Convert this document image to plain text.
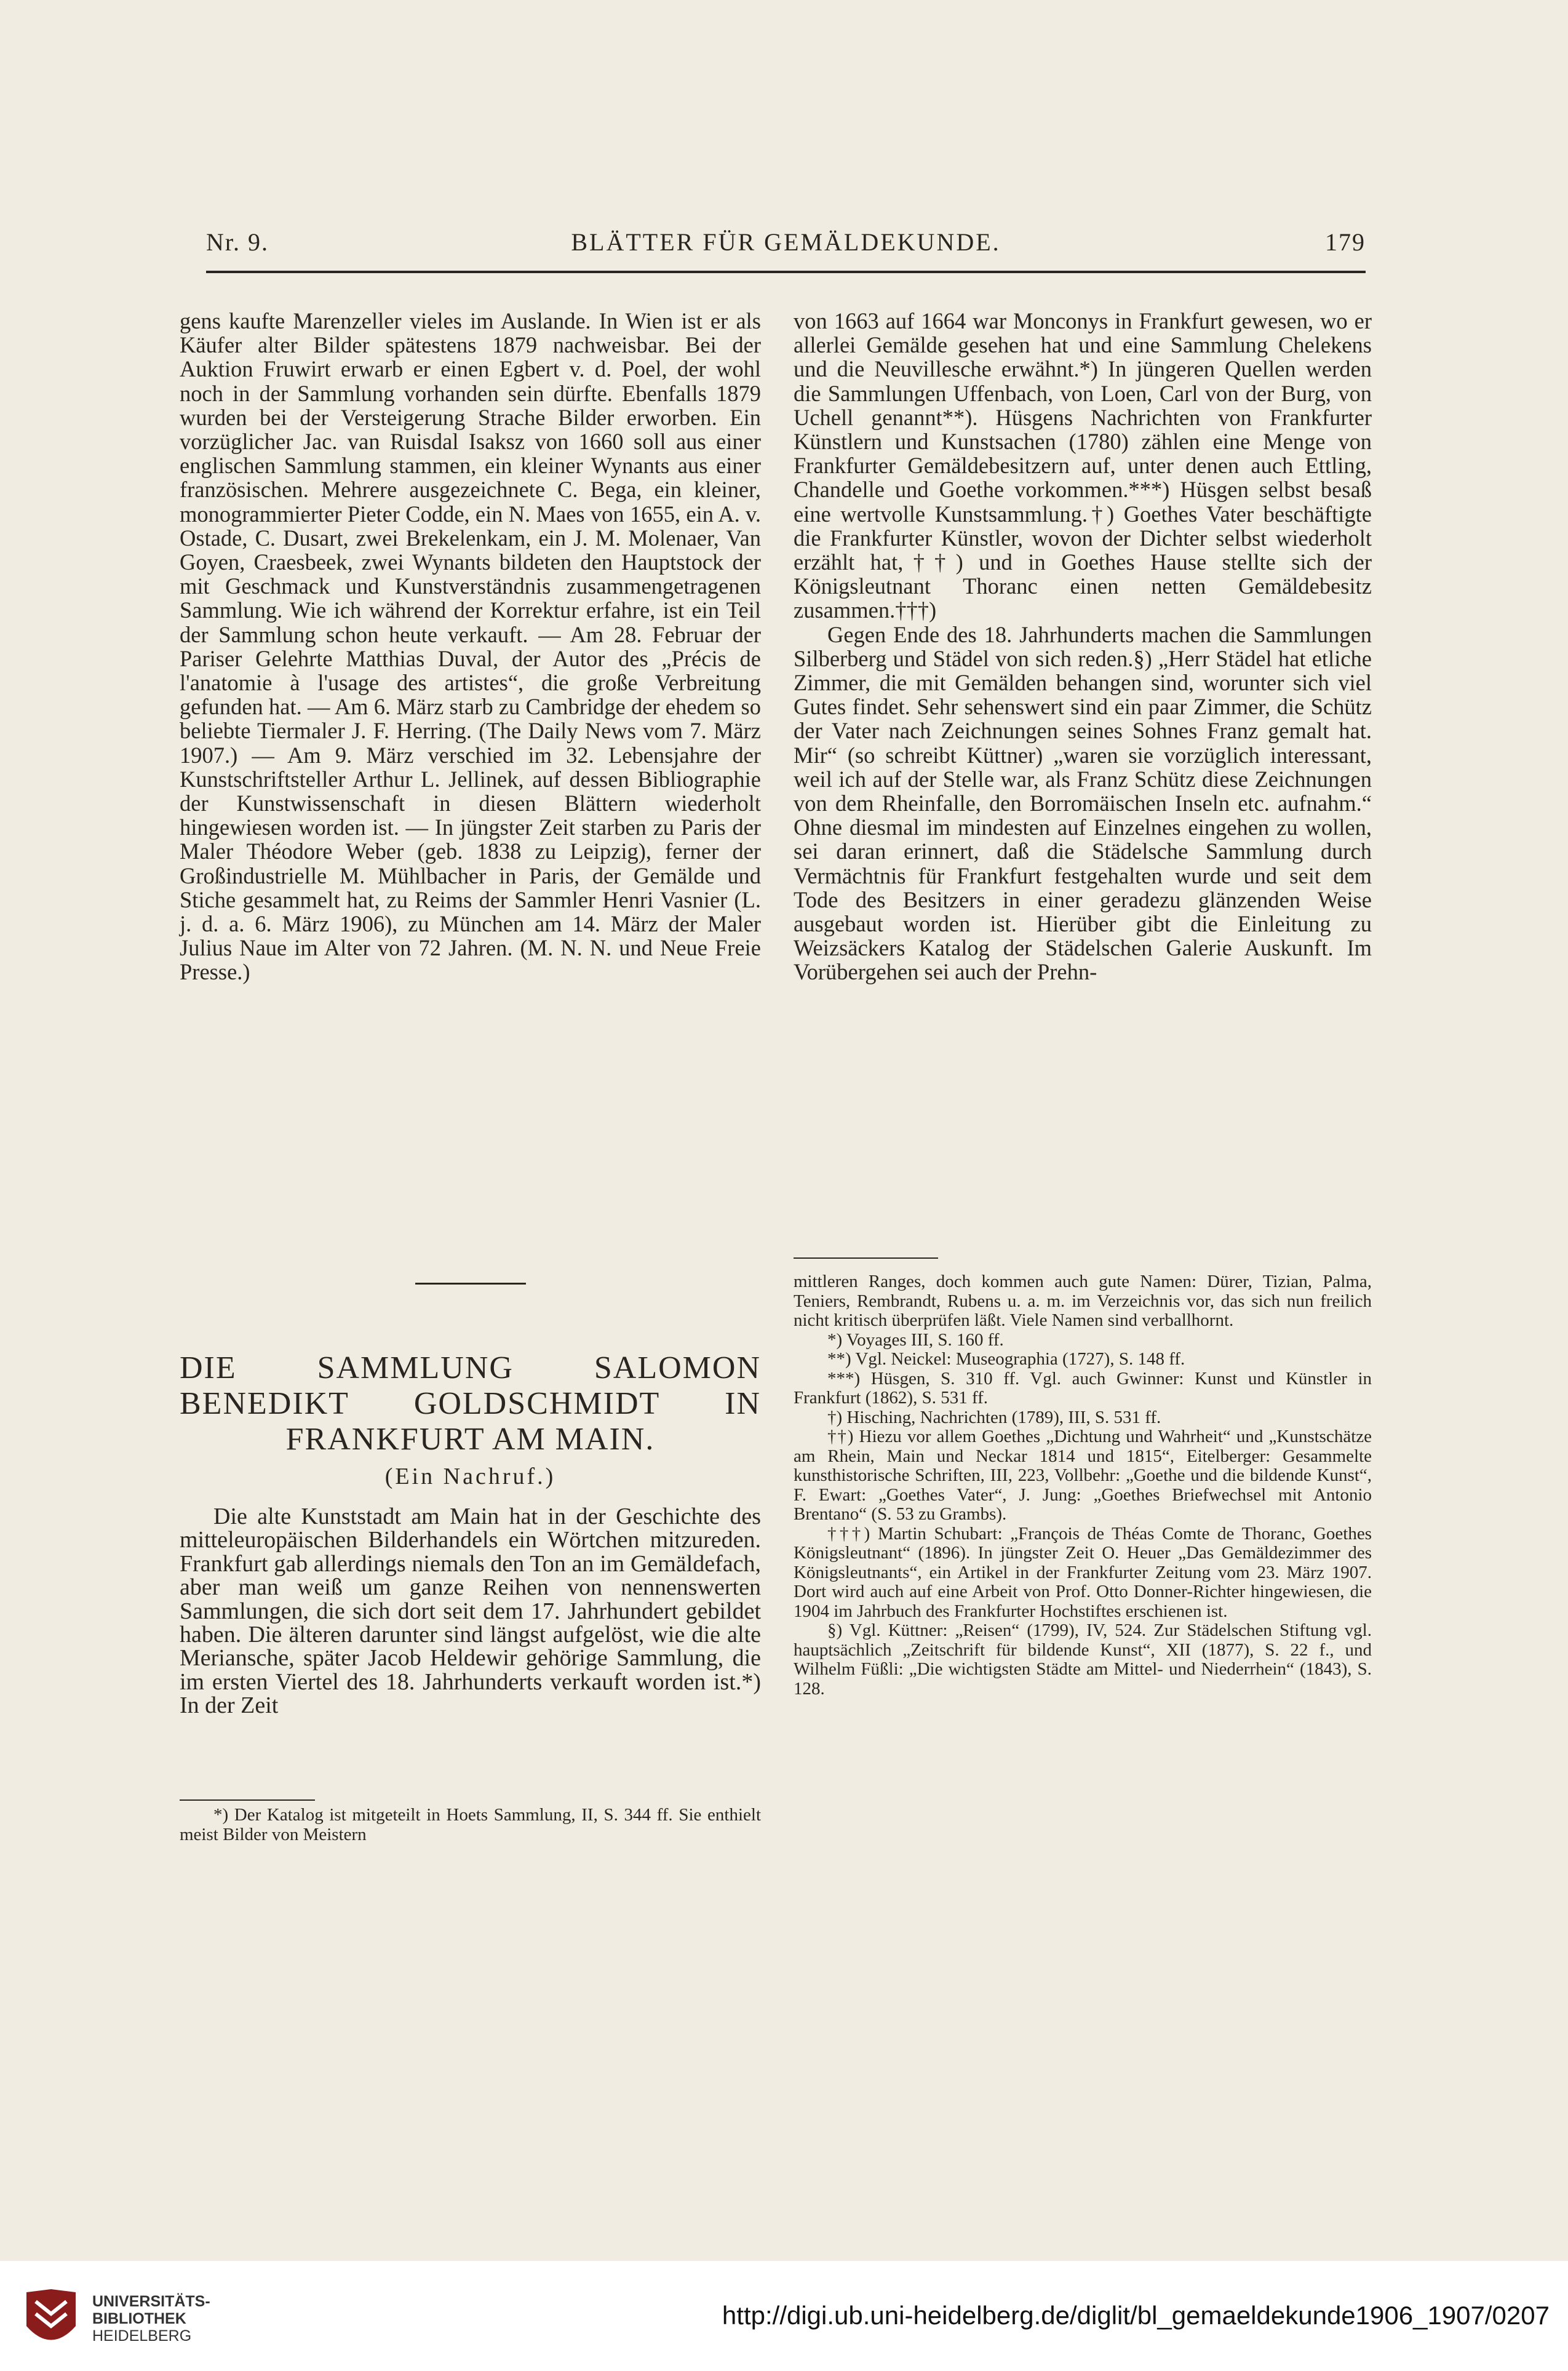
Nr. 9.	BLÄTTER FÜR GEMÄLDEKUNDE.	179

gens kaufte Marenzeller vieles im Auslande. In Wien ist er als Käufer alter Bilder spätestens 1879 nachweisbar. Bei der Auktion Fruwirt erwarb er einen Egbert v. d. Poel, der wohl noch in der Sammlung vorhanden sein dürfte. Ebenfalls 1879 wurden bei der Versteigerung Strache Bilder erworben. Ein vorzüglicher Jac. van Ruisdal Isaksz von 1660 soll aus einer englischen Sammlung stammen, ein kleiner Wynants aus einer französischen. Mehrere ausgezeichnete C. Bega, ein kleiner, monogrammierter Pieter Codde, ein N. Maes von 1655, ein A. v. Ostade, C. Dusart, zwei Brekelenkam, ein J. M. Molenaer, Van Goyen, Craesbeek, zwei Wynants bildeten den Hauptstock der mit Geschmack und Kunstverständnis zusammengetragenen Sammlung. Wie ich während der Korrektur erfahre, ist ein Teil der Sammlung schon heute verkauft. — Am 28. Februar der Pariser Gelehrte Matthias Duval, der Autor des „Précis de l'anatomie à l'usage des artistes“, die große Verbreitung gefunden hat. — Am 6. März starb zu Cambridge der ehedem so beliebte Tiermaler J. F. Herring. (The Daily News vom 7. März 1907.) — Am 9. März verschied im 32. Lebensjahre der Kunstschriftsteller Arthur L. Jellinek, auf dessen Bibliographie der Kunstwissenschaft in diesen Blättern wiederholt hingewiesen worden ist. — In jüngster Zeit starben zu Paris der Maler Théodore Weber (geb. 1838 zu Leipzig), ferner der Großindustrielle M. Mühlbacher in Paris, der Gemälde und Stiche gesammelt hat, zu Reims der Sammler Henri Vasnier (L. j. d. a. 6. März 1906), zu München am 14. März der Maler Julius Naue im Alter von 72 Jahren. (M. N. N. und Neue Freie Presse.)

DIE SAMMLUNG SALOMON
BENEDIKT GOLDSCHMIDT IN
FRANKFURT AM MAIN.
(Ein Nachruf.)

Die alte Kunststadt am Main hat in der Geschichte des mitteleuropäischen Bilderhandels ein Wörtchen mitzureden. Frankfurt gab allerdings niemals den Ton an im Gemäldefach, aber man weiß um ganze Reihen von nennenswerten Sammlungen, die sich dort seit dem 17. Jahrhundert gebildet haben. Die älteren darunter sind längst aufgelöst, wie die alte Meriansche, später Jacob Heldewir gehörige Sammlung, die im ersten Viertel des 18. Jahrhunderts verkauft worden ist.*) In der Zeit

*) Der Katalog ist mitgeteilt in Hoets Sammlung, II, S. 344 ff. Sie enthielt meist Bilder von Meistern

von 1663 auf 1664 war Monconys in Frankfurt gewesen, wo er allerlei Gemälde gesehen hat und eine Sammlung Chelekens und die Neuvillesche erwähnt.*) In jüngeren Quellen werden die Sammlungen Uffenbach, von Loen, Carl von der Burg, von Uchell genannt**). Hüsgens Nachrichten von Frankfurter Künstlern und Kunstsachen (1780) zählen eine Menge von Frankfurter Gemäldebesitzern auf, unter denen auch Ettling, Chandelle und Goethe vorkommen.***) Hüsgen selbst besaß eine wertvolle Kunstsammlung.†) Goethes Vater beschäftigte die Frankfurter Künstler, wovon der Dichter selbst wiederholt erzählt hat,††) und in Goethes Hause stellte sich der Königsleutnant Thoranc einen netten Gemäldebesitz zusammen.†††)

Gegen Ende des 18. Jahrhunderts machen die Sammlungen Silberberg und Städel von sich reden.§) „Herr Städel hat etliche Zimmer, die mit Gemälden behangen sind, worunter sich viel Gutes findet. Sehr sehenswert sind ein paar Zimmer, die Schütz der Vater nach Zeichnungen seines Sohnes Franz gemalt hat. Mir“ (so schreibt Küttner) „waren sie vorzüglich interessant, weil ich auf der Stelle war, als Franz Schütz diese Zeichnungen von dem Rheinfalle, den Borromäischen Inseln etc. aufnahm.“ Ohne diesmal im mindesten auf Einzelnes eingehen zu wollen, sei daran erinnert, daß die Städelsche Sammlung durch Vermächtnis für Frankfurt festgehalten wurde und seit dem Tode des Besitzers in einer geradezu glänzenden Weise ausgebaut worden ist. Hierüber gibt die Einleitung zu Weizsäckers Katalog der Städelschen Galerie Auskunft. Im Vorübergehen sei auch der Prehn-

mittleren Ranges, doch kommen auch gute Namen: Dürer, Tizian, Palma, Teniers, Rembrandt, Rubens u. a. m. im Verzeichnis vor, das sich nun freilich nicht kritisch überprüfen läßt. Viele Namen sind verballhornt.

*) Voyages III, S. 160 ff.

**) Vgl. Neickel: Museographia (1727), S. 148 ff.

***) Hüsgen, S. 310 ff. Vgl. auch Gwinner: Kunst und Künstler in Frankfurt (1862), S. 531 ff.

†) Hisching, Nachrichten (1789), III, S. 531 ff.

††) Hiezu vor allem Goethes „Dichtung und Wahrheit“ und „Kunstschätze am Rhein, Main und Neckar 1814 und 1815“, Eitelberger: Gesammelte kunsthistorische Schriften, III, 223, Vollbehr: „Goethe und die bildende Kunst“, F. Ewart: „Goethes Vater“, J. Jung: „Goethes Briefwechsel mit Antonio Brentano“ (S. 53 zu Grambs).

†††) Martin Schubart: „François de Théas Comte de Thoranc, Goethes Königsleutnant“ (1896). In jüngster Zeit O. Heuer „Das Gemäldezimmer des Königsleutnants“, ein Artikel in der Frankfurter Zeitung vom 23. März 1907. Dort wird auch auf eine Arbeit von Prof. Otto Donner-Richter hingewiesen, die 1904 im Jahrbuch des Frankfurter Hochstiftes erschienen ist.

§) Vgl. Küttner: „Reisen“ (1799), IV, 524. Zur Städelschen Stiftung vgl. hauptsächlich „Zeitschrift für bildende Kunst“, XII (1877), S. 22 f., und Wilhelm Füßli: „Die wichtigsten Städte am Mittel- und Niederrhein“ (1843), S. 128.

UNIVERSITÄTS-
BIBLIOTHEK
HEIDELBERG
http://digi.ub.uni-heidelberg.de/diglit/bl_gemaeldekunde1906_1907/0207
